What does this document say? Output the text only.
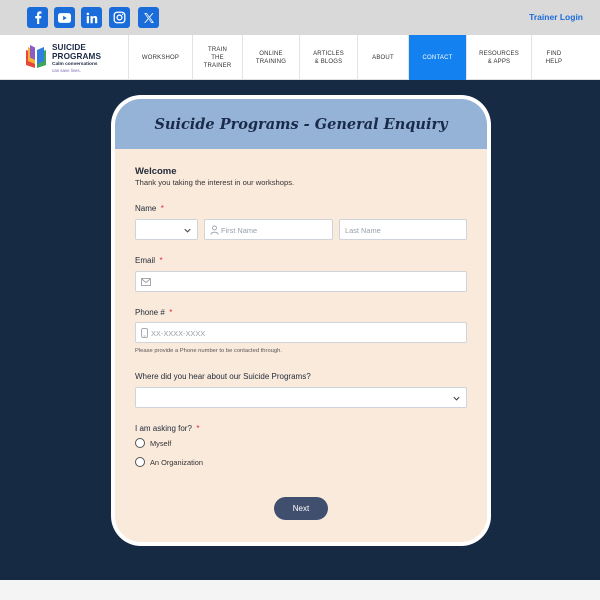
Trainer Login
SUICIDE
PROGRAMS
Calm conversations
can save lives.
WORKSHOP
TRAIN
THE
TRAINER
ONLINE
TRAINING
ARTICLES
& BLOGS
ABOUT	CONTACT
RESOURCES
& APPS
FIND
HELP
Suicide Programs - General Enquiry
Welcome
Thank you taking the interest in our workshops.
Name *
First Name	Last Name
Email *
Phone # *
XX-XXXX-XXXX
Please provide a Phone number to be contacted through.
Where did you hear about our Suicide Programs?
I am asking for? *
Myself
An Organization
Next
